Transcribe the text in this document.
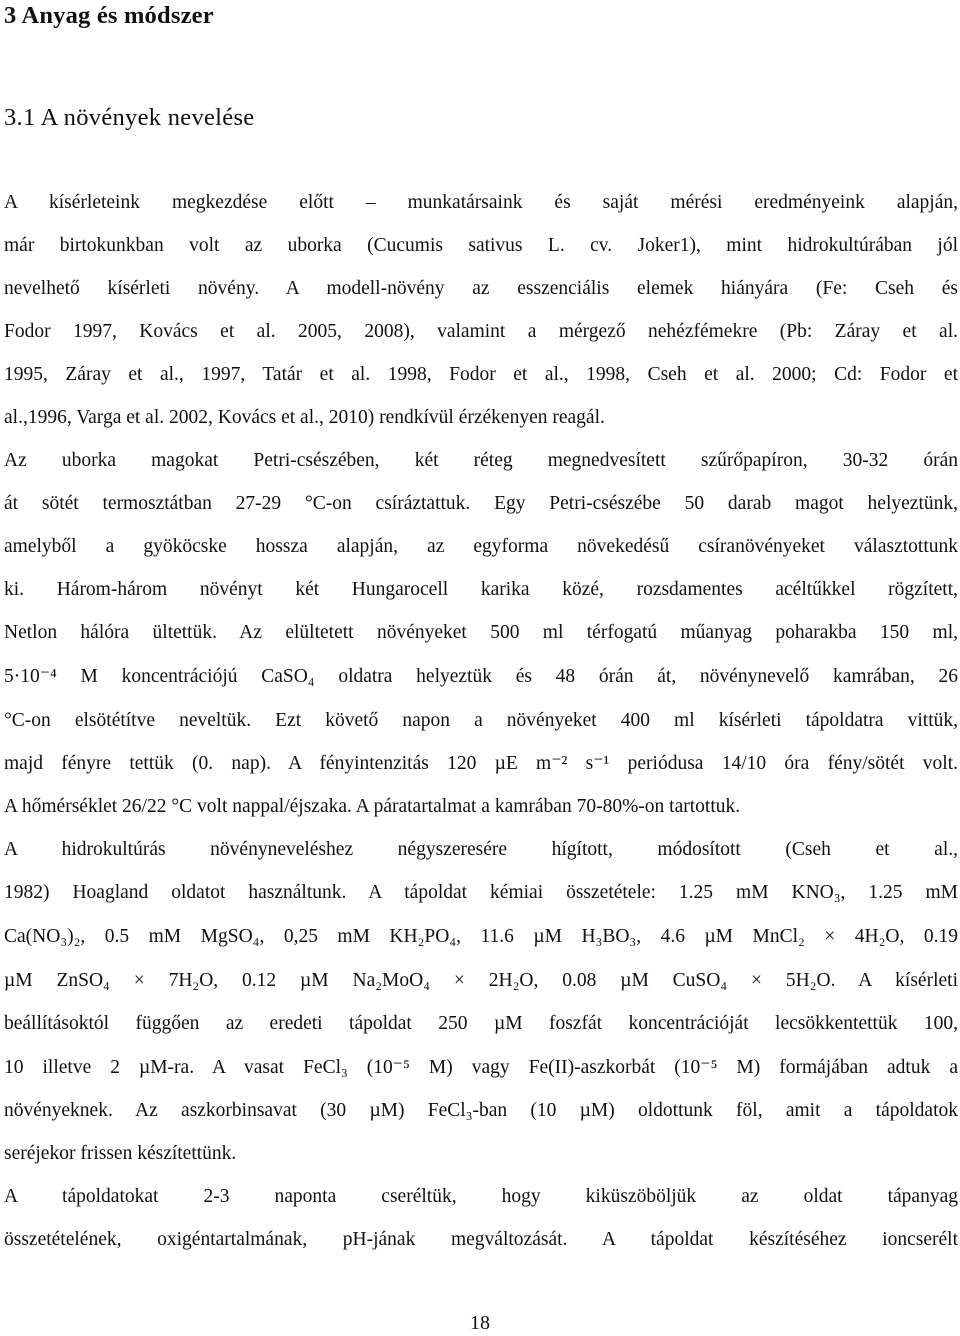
3 Anyag és módszer
3.1 A növények nevelése
A kísérleteink megkezdése előtt – munkatársaink és saját mérési eredményeink alapján,
már birtokunkban volt az uborka (Cucumis sativus L. cv. Joker1), mint hidrokultúrában jól
nevelhető kísérleti növény. A modell-növény az esszenciális elemek hiányára (Fe: Cseh és
Fodor 1997, Kovács et al. 2005, 2008), valamint a mérgező nehézfémekre (Pb: Záray et al.
1995, Záray et al., 1997, Tatár et al. 1998, Fodor et al., 1998, Cseh et al. 2000; Cd: Fodor et
al.,1996, Varga et al. 2002, Kovács et al., 2010) rendkívül érzékenyen reagál.
Az uborka magokat Petri-csészében, két réteg megnedvesített szűrőpapíron, 30-32 órán
át sötét termosztátban 27-29 °C-on csíráztattuk. Egy Petri-csészébe 50 darab magot helyeztünk,
amelyből a gyököcske hossza alapján, az egyforma növekedésű csíranövényeket választottunk
ki. Három-három növényt két Hungarocell karika közé, rozsdamentes acéltűkkel rögzített,
Netlon hálóra ültettük. Az elültetett növényeket 500 ml térfogatú műanyag poharakba 150 ml,
5·10⁻⁴ M koncentrációjú CaSO₄ oldatra helyeztük és 48 órán át, növénynevelő kamrában, 26
°C-on elsötétítve neveltük. Ezt követő napon a növényeket 400 ml kísérleti tápoldatra vittük,
majd fényre tettük (0. nap). A fényintenzitás 120 µE m⁻² s⁻¹ periódusa 14/10 óra fény/sötét volt.
A hőmérséklet 26/22 °C volt nappal/éjszaka. A páratartalmat a kamrában 70-80%-on tartottuk.
A hidrokultúrás növényneveléshez négyszeresére hígított, módosított (Cseh et al.,
1982) Hoagland oldatot használtunk. A tápoldat kémiai összetétele: 1.25 mM KNO₃, 1.25 mM
Ca(NO₃)₂, 0.5 mM MgSO₄, 0,25 mM KH₂PO₄, 11.6 µM H₃BO₃, 4.6 µM MnCl₂ × 4H₂O, 0.19
µM ZnSO₄ × 7H₂O, 0.12 µM Na₂MoO₄ × 2H₂O, 0.08 µM CuSO₄ × 5H₂O. A kísérleti
beállításoktól függően az eredeti tápoldat 250 µM foszfát koncentrációját lecsökkentettük 100,
10 illetve 2 µM-ra. A vasat FeCl₃ (10⁻⁵ M) vagy Fe(II)-aszkorbát (10⁻⁵ M) formájában adtuk a
növényeknek. Az aszkorbinsavat (30 µM) FeCl₃-ban (10 µM) oldottunk föl, amit a tápoldatok
seréjekor frissen készítettünk.
A tápoldatokat 2-3 naponta cseréltük, hogy kiküszöböljük az oldat tápanyag
összetételének, oxigéntartalmának, pH-jának megváltozását. A tápoldat készítéséhez ioncserélt
18
